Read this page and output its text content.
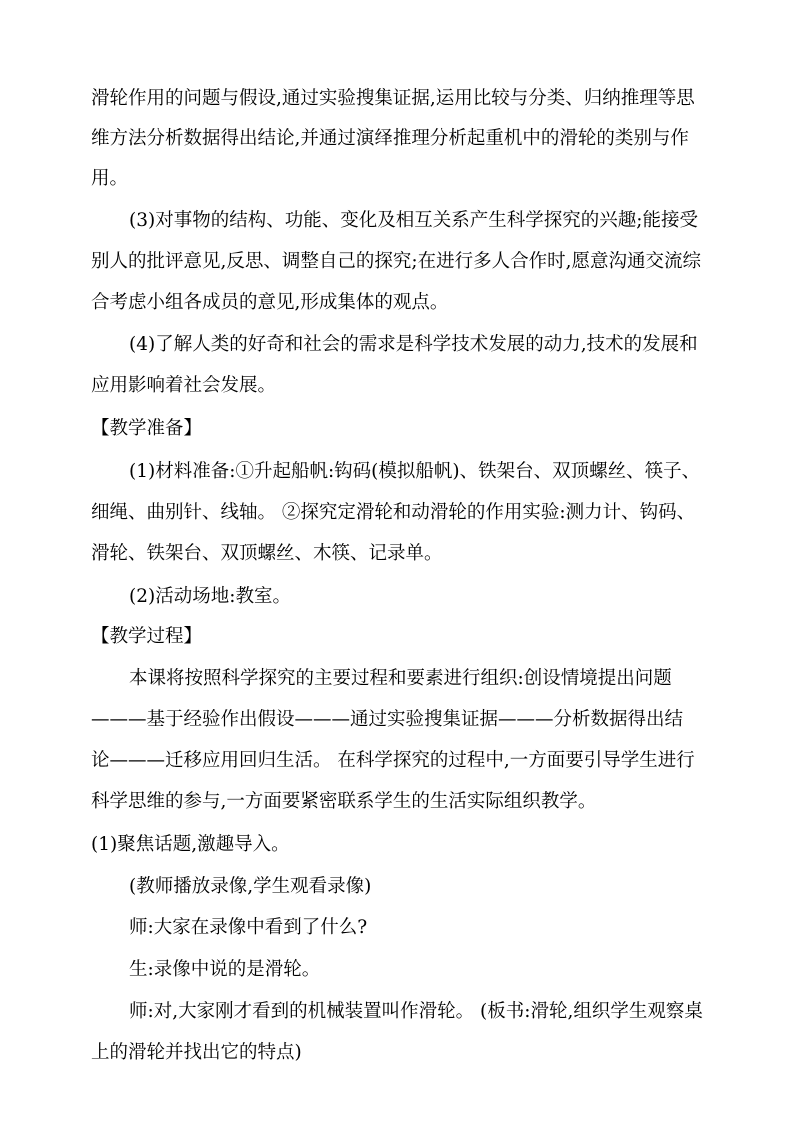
滑轮作用的问题与假设,通过实验搜集证据,运用比较与分类、归纳推理等思
维方法分析数据得出结论,并通过演绎推理分析起重机中的滑轮的类别与作
用。
(3)对事物的结构、功能、变化及相互关系产生科学探究的兴趣;能接受
别人的批评意见,反思、调整自己的探究;在进行多人合作时,愿意沟通交流综
合考虑小组各成员的意见,形成集体的观点。
(4)了解人类的好奇和社会的需求是科学技术发展的动力,技术的发展和
应用影响着社会发展。
【教学准备】
(1)材料准备:①升起船帆:钩码(模拟船帆)、铁架台、双顶螺丝、筷子、
细绳、曲别针、线轴。 ②探究定滑轮和动滑轮的作用实验:测力计、钩码、
滑轮、铁架台、双顶螺丝、木筷、记录单。
(2)活动场地:教室。
【教学过程】
本课将按照科学探究的主要过程和要素进行组织:创设情境提出问题
———基于经验作出假设———通过实验搜集证据———分析数据得出结
论———迁移应用回归生活。 在科学探究的过程中,一方面要引导学生进行
科学思维的参与,一方面要紧密联系学生的生活实际组织教学。
(1)聚焦话题,激趣导入。
(教师播放录像,学生观看录像)
师:大家在录像中看到了什么?
生:录像中说的是滑轮。
师:对,大家刚才看到的机械装置叫作滑轮。 (板书:滑轮,组织学生观察桌
上的滑轮并找出它的特点)
